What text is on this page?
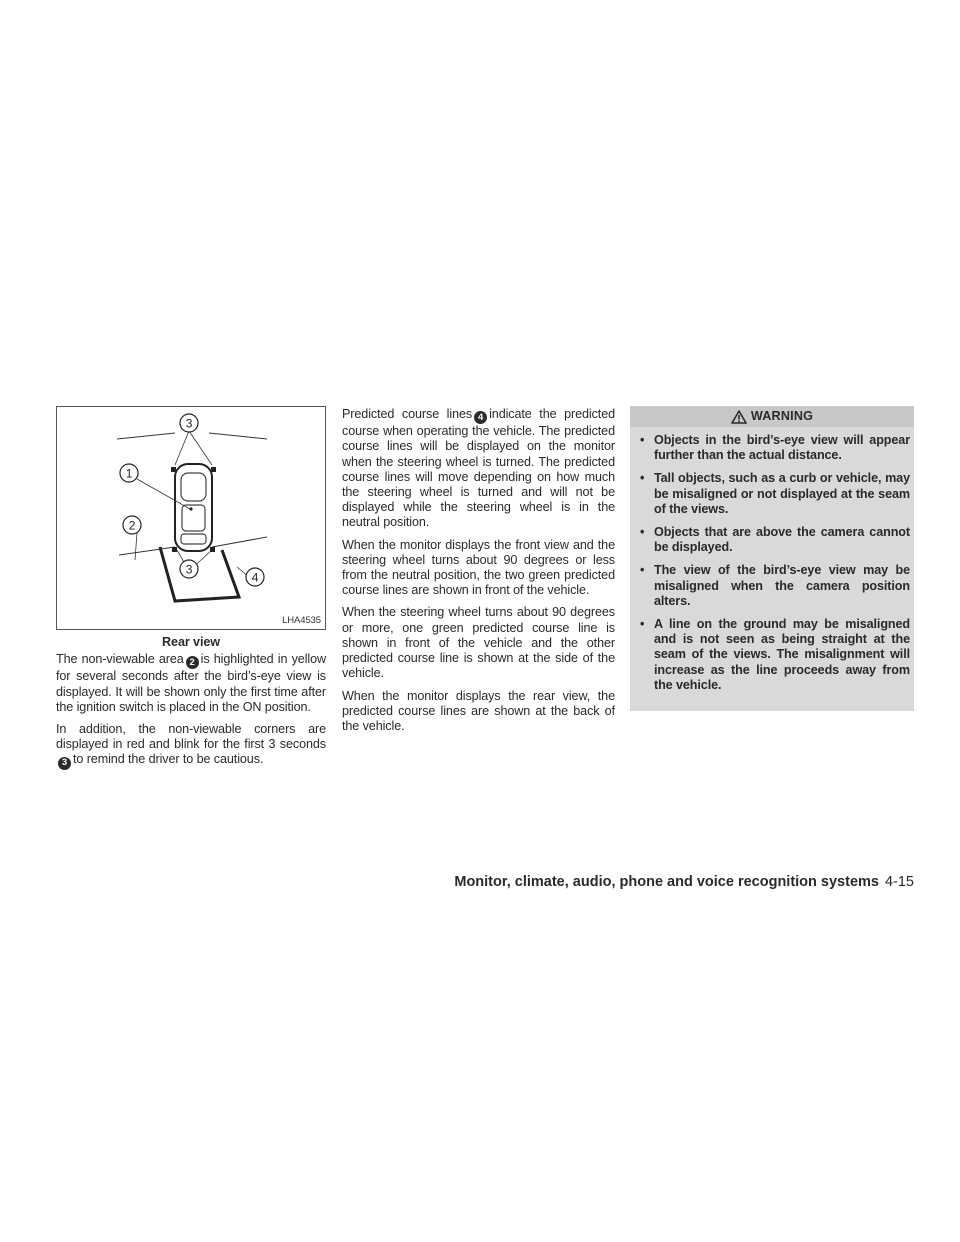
3
1
2
3
4
LHA4535
Rear view

The non-viewable area 2 is highlighted in yellow for several seconds after the bird’s-eye view is displayed. It will be shown only the first time after the ignition switch is placed in the ON position.

In addition, the non-viewable corners are displayed in red and blink for the first 3 seconds3 to remind the driver to be cautious.

Predicted course lines 4 indicate the predicted course when operating the vehicle. The predicted course lines will be displayed on the monitor when the steering wheel is turned. The predicted course lines will move depending on how much the steering wheel is turned and will not be displayed while the steering wheel is in the neutral position.

When the monitor displays the front view and the steering wheel turns about 90 degrees or less from the neutral position, the two green predicted course lines are shown in front of the vehicle.

When the steering wheel turns about 90 degrees or more, one green predicted course line is shown in front of the vehicle and the other predicted course line is shown at the side of the vehicle.

When the monitor displays the rear view, the predicted course lines are shown at the back of the vehicle.

WARNING
• Objects in the bird’s-eye view will appear further than the actual distance.
• Tall objects, such as a curb or vehicle, may be misaligned or not displayed at the seam of the views.
• Objects that are above the camera cannot be displayed.
• The view of the bird’s-eye view may be misaligned when the camera position alters.
• A line on the ground may be misaligned and is not seen as being straight at the seam of the views. The misalignment will increase as the line proceeds away from the vehicle.
Monitor, climate, audio, phone and voice recognition systems 4-15
